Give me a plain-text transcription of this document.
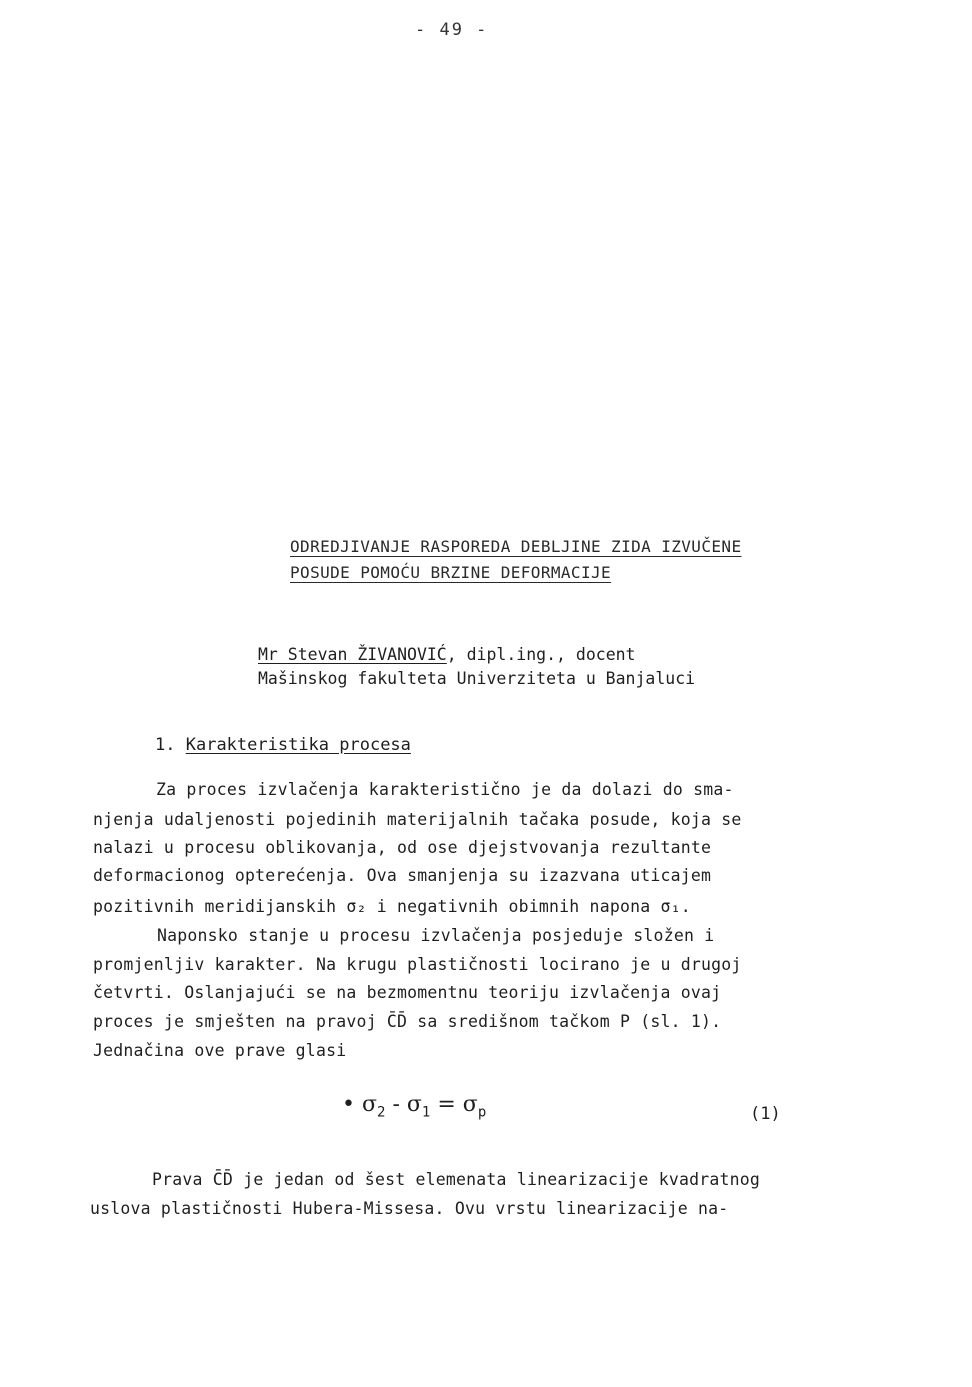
- 49 -
ODREDJIVANJE RASPOREDA DEBLJINE ZIDA IZVUČENE
POSUDE POMOĆU BRZINE DEFORMACIJE
Mr Stevan ŽIVANOVIĆ, dipl.ing., docent
Mašinskog fakulteta Univerziteta u Banjaluci
1. Karakteristika procesa
Za proces izvlačenja karakteristično je da dolazi do sma-
njenja udaljenosti pojedinih materijalnih tačaka posude, koja se
nalazi u procesu oblikovanja, od ose djejstvovanja rezultante
deformacionog opterećenja. Ova smanjenja su izazvana uticajem
pozitivnih meridijanskih σ₂ i negativnih obimnih napona σ₁.
Naponsko stanje u procesu izvlačenja posjeduje složen i
promjenljiv karakter. Na krugu plastičnosti locirano je u drugoj
četvrti. Oslanjajući se na bezmomentnu teoriju izvlačenja ovaj
proces je smješten na pravoj C̄D̄ sa središnom tačkom P (sl. 1).
Jednačina ove prave glasi
• $\sigma_2 - \sigma_1 = \sigma_p$	(1)
Prava C̄D̄ je jedan od šest elemenata linearizacije kvadratnog
uslova plastičnosti Hubera-Missesa. Ovu vrstu linearizacije na-
